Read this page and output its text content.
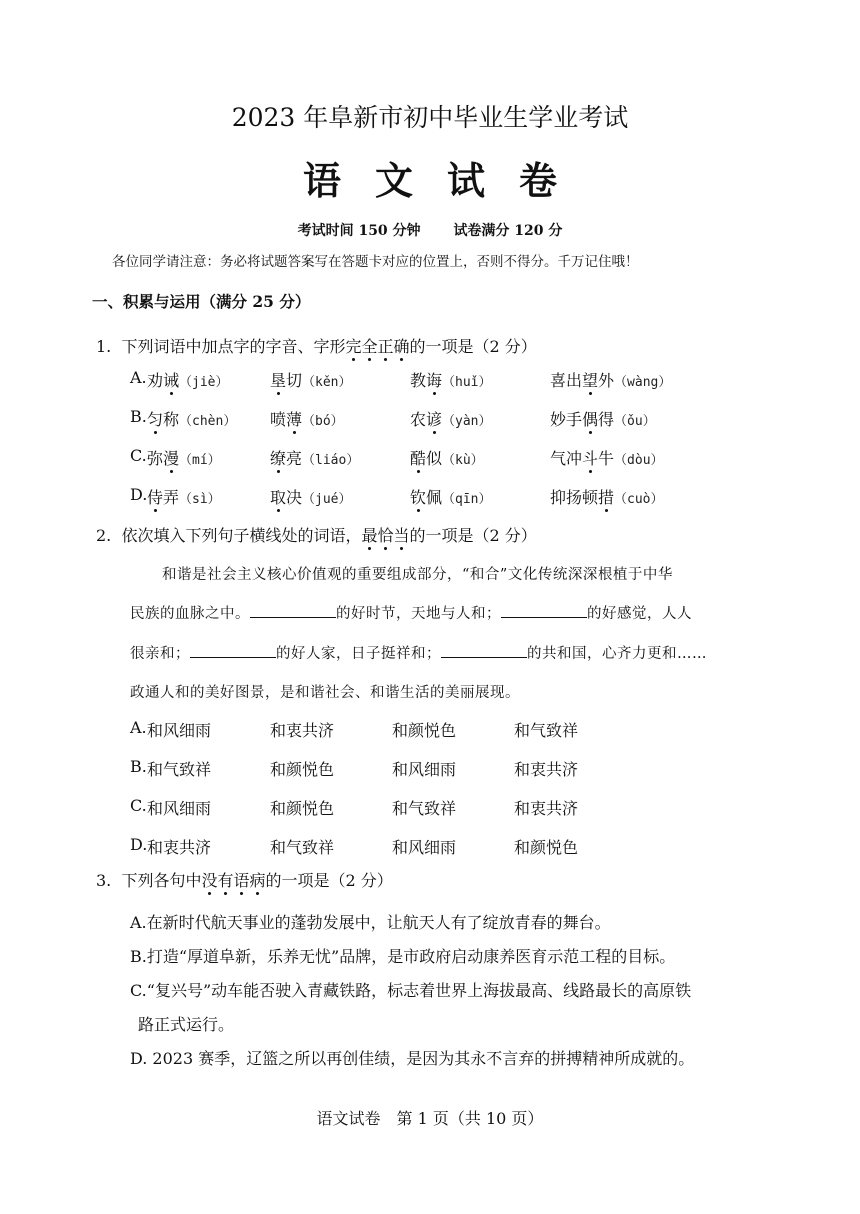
2023 年阜新市初中毕业生学业考试
语文试卷
考试时间 150 分钟 试卷满分 120 分
各位同学请注意：务必将试题答案写在答题卡对应的位置上，否则不得分。千万记住哦！
一、积累与运用（满分 25 分）
1. 下列词语中加点字的字音、字形完全正确的一项是（2 分）
A. 劝诫（jiè）	垦切（kěn）	教诲（huǐ）	喜出望外（wàng）
B. 匀称（chèn） 喷薄（bó）	农谚（yàn）	妙手偶得（ǒu）
C. 弥漫（mí）	缭亮（liáo）	酷似（kù）	气冲斗牛（dòu）
D. 侍弄（sì）	取决（jué）	钦佩（qīn）	抑扬顿措（cuò）
2. 依次填入下列句子横线处的词语，最恰当的一项是（2 分）
和谐是社会主义核心价值观的重要组成部分，“和合”文化传统深深根植于中华
民族的血脉之中。	的好时节，天地与人和；	的好感觉，人人
很亲和；	的好人家，日子挺祥和；	的共和国，心齐力更和……
政通人和的美好图景，是和谐社会、和谐生活的美丽展现。
A. 和风细雨	和衷共济	和颜悦色	和气致祥
B. 和气致祥	和颜悦色	和风细雨	和衷共济
C. 和风细雨	和颜悦色	和气致祥	和衷共济
D. 和衷共济	和气致祥	和风细雨	和颜悦色
3. 下列各句中没有语病的一项是（2 分）
A.在新时代航天事业的蓬勃发展中，让航天人有了绽放青春的舞台。
B.打造“厚道阜新，乐养无忧”品牌，是市政府启动康养医育示范工程的目标。
C.“复兴号”动车能否驶入青藏铁路，标志着世界上海拔最高、线路最长的高原铁
路正式运行。
D. 2023 赛季，辽篮之所以再创佳绩，是因为其永不言弃的拼搏精神所成就的。
语文试卷　第 1 页（共 10 页）
